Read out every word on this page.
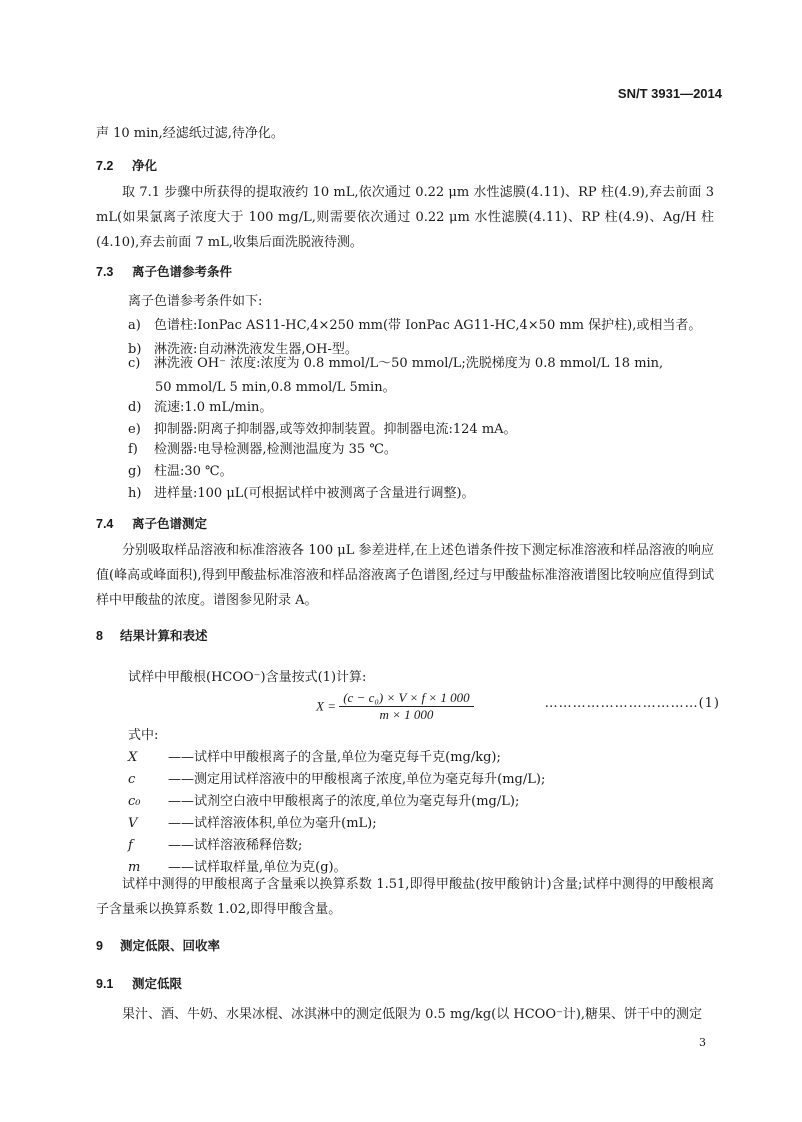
SN/T 3931—2014
声 10 min,经滤纸过滤,待净化。
7.2 净化
取 7.1 步骤中所获得的提取液约 10 mL,依次通过 0.22 μm 水性滤膜(4.11)、RP 柱(4.9),弃去前面 3 mL(如果氯离子浓度大于 100 mg/L,则需要依次通过 0.22 μm 水性滤膜(4.11)、RP 柱(4.9)、Ag/H 柱(4.10),弃去前面 7 mL,收集后面洗脱液待测。
7.3 离子色谱参考条件
离子色谱参考条件如下:
a) 色谱柱:IonPac AS11-HC,4×250 mm(带 IonPac AG11-HC,4×50 mm 保护柱),或相当者。
b) 淋洗液:自动淋洗液发生器,OH-型。
c) 淋洗液 OH⁻ 浓度:浓度为 0.8 mmol/L～50 mmol/L;洗脱梯度为 0.8 mmol/L 18 min,
50 mmol/L 5 min,0.8 mmol/L 5min。
d) 流速:1.0 mL/min。
e) 抑制器:阴离子抑制器,或等效抑制装置。抑制器电流:124 mA。
f) 检测器:电导检测器,检测池温度为 35 ℃。
g) 柱温:30 ℃。
h) 进样量:100 μL(可根据试样中被测离子含量进行调整)。
7.4 离子色谱测定
分别吸取样品溶液和标准溶液各 100 μL 参差进样,在上述色谱条件按下测定标准溶液和样品溶液的响应值(峰高或峰面积),得到甲酸盐标准溶液和样品溶液离子色谱图,经过与甲酸盐标准溶液谱图比较响应值得到试样中甲酸盐的浓度。谱图参见附录 A。
8 结果计算和表述
试样中甲酸根(HCOO⁻)含量按式(1)计算:
$X = \frac{\text{(c − c₀) × V × f × 1 000}}{m \times 1 000}$	……………………………(1)
式中:
X ——试样中甲酸根离子的含量,单位为毫克每千克(mg/kg);
c	——测定用试样溶液中的甲酸根离子浓度,单位为毫克每升(mg/L);
c₀ ——试剂空白液中甲酸根离子的浓度,单位为毫克每升(mg/L);
V ——试样溶液体积,单位为毫升(mL);
f	——试样溶液稀释倍数;
m ——试样取样量,单位为克(g)。
试样中测得的甲酸根离子含量乘以换算系数 1.51,即得甲酸盐(按甲酸钠计)含量;试样中测得的甲酸根离子含量乘以换算系数 1.02,即得甲酸含量。
9 测定低限、回收率
9.1 测定低限
果汁、酒、牛奶、水果冰棍、冰淇淋中的测定低限为 0.5 mg/kg(以 HCOO⁻计),糖果、饼干中的测定
3
